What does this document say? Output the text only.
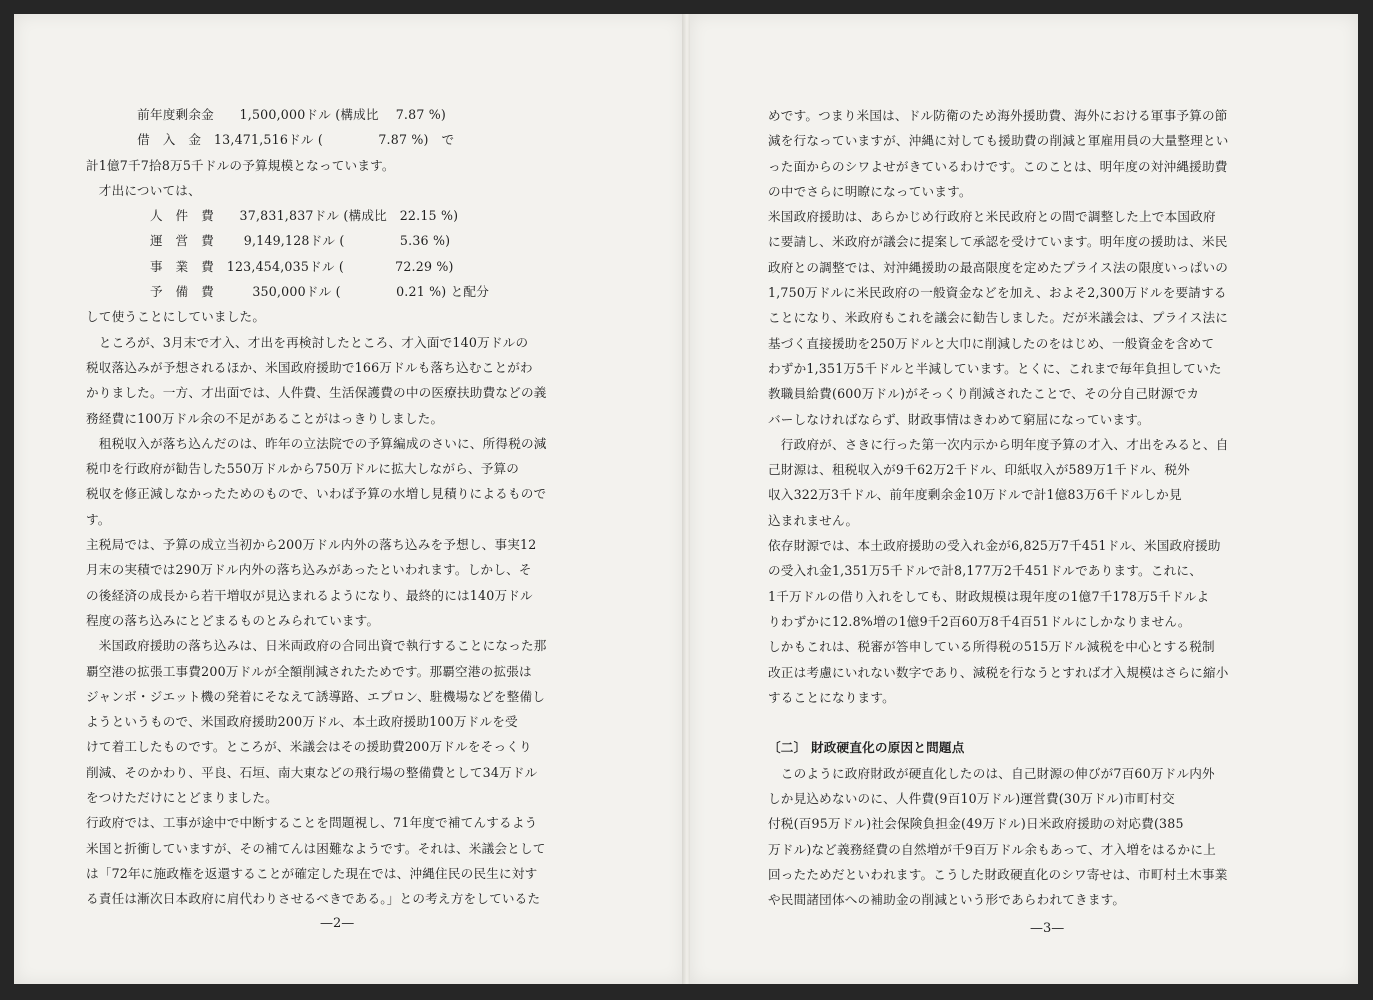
　　　　前年度剰余金　　1,500,000ドル (構成比　 7.87 %)
　　　　借　入　金　13,471,516ドル (　　　　 7.87 %)　で
計1億7千7拾8万5千ドルの予算規模となっています。
　才出については、
　　　　　人　件　費　　37,831,837ドル (構成比　22.15 %)
　　　　　運　営　費　　 9,149,128ドル (　　　　 5.36 %)
　　　　　事　業　費　123,454,035ドル (　　　　72.29 %)
　　　　　予　備　費　　　350,000ドル (　　　　 0.21 %) と配分
して使うことにしていました。
　ところが、3月末で才入、才出を再検討したところ、才入面で140万ドルの
税収落込みが予想されるほか、米国政府援助で166万ドルも落ち込むことがわ
かりました。一方、才出面では、人件費、生活保護費の中の医療扶助費などの義
務経費に100万ドル余の不足があることがはっきりしました。
　租税収入が落ち込んだのは、昨年の立法院での予算編成のさいに、所得税の減
税巾を行政府が勧告した550万ドルから750万ドルに拡大しながら、予算の
税収を修正減しなかったためのもので、いわば予算の水増し見積りによるもので
す。
主税局では、予算の成立当初から200万ドル内外の落ち込みを予想し、事実12
月末の実積では290万ドル内外の落ち込みがあったといわれます。しかし、そ
の後経済の成長から若干増収が見込まれるようになり、最終的には140万ドル
程度の落ち込みにとどまるものとみられています。
　米国政府援助の落ち込みは、日米両政府の合同出資で執行することになった那
覇空港の拡張工事費200万ドルが全額削減されたためです。那覇空港の拡張は
ジャンボ・ジエット機の発着にそなえて誘導路、エプロン、駐機場などを整備し
ようというもので、米国政府援助200万ドル、本土政府援助100万ドルを受
けて着工したものです。ところが、米議会はその援助費200万ドルをそっくり
削減、そのかわり、平良、石垣、南大東などの飛行場の整備費として34万ドル
をつけただけにとどまりました。
行政府では、工事が途中で中断することを問題視し、71年度で補てんするよう
米国と折衝していますが、その補てんは困難なようです。それは、米議会として
は「72年に施政権を返還することが確定した現在では、沖縄住民の民生に対す
る責任は漸次日本政府に肩代わりさせるべきである。」との考え方をしているた
—2—
めです。つまり米国は、ドル防衛のため海外援助費、海外における軍事予算の節
減を行なっていますが、沖縄に対しても援助費の削減と軍雇用員の大量整理とい
った面からのシワよせがきているわけです。このことは、明年度の対沖縄援助費
の中でさらに明瞭になっています。
米国政府援助は、あらかじめ行政府と米民政府との間で調整した上で本国政府
に要請し、米政府が議会に提案して承認を受けています。明年度の援助は、米民
政府との調整では、対沖縄援助の最高限度を定めたプライス法の限度いっぱいの
1,750万ドルに米民政府の一般資金などを加え、およそ2,300万ドルを要請する
ことになり、米政府もこれを議会に勧告しました。だが米議会は、プライス法に
基づく直接援助を250万ドルと大巾に削減したのをはじめ、一般資金を含めて
わずか1,351万5千ドルと半減しています。とくに、これまで毎年負担していた
教職員給費(600万ドル)がそっくり削減されたことで、その分自己財源でカ
バーしなければならず、財政事情はきわめて窮屈になっています。
　行政府が、さきに行った第一次内示から明年度予算の才入、才出をみると、自
己財源は、租税収入が9千62万2千ドル、印紙収入が589万1千ドル、税外
収入322万3千ドル、前年度剰余金10万ドルで計1億83万6千ドルしか見
込まれません。
依存財源では、本土政府援助の受入れ金が6,825万7千451ドル、米国政府援助
の受入れ金1,351万5千ドルで計8,177万2千451ドルであります。これに、
1千万ドルの借り入れをしても、財政規模は現年度の1億7千178万5千ドルよ
りわずかに12.8%増の1億9千2百60万8千4百51ドルにしかなりません。
しかもこれは、税審が答申している所得税の515万ドル減税を中心とする税制
改正は考慮にいれない数字であり、減税を行なうとすれば才入規模はさらに縮小
することになります。
〔二〕 財政硬直化の原因と問題点
　このように政府財政が硬直化したのは、自己財源の伸びが7百60万ドル内外
しか見込めないのに、人件費(9百10万ドル)運営費(30万ドル)市町村交
付税(百95万ドル)社会保険負担金(49万ドル)日米政府援助の対応費(385
万ドル)など義務経費の自然増が千9百万ドル余もあって、才入増をはるかに上
回ったためだといわれます。こうした財政硬直化のシワ寄せは、市町村土木事業
や民間諸団体への補助金の削減という形であらわれてきます。
—3—
